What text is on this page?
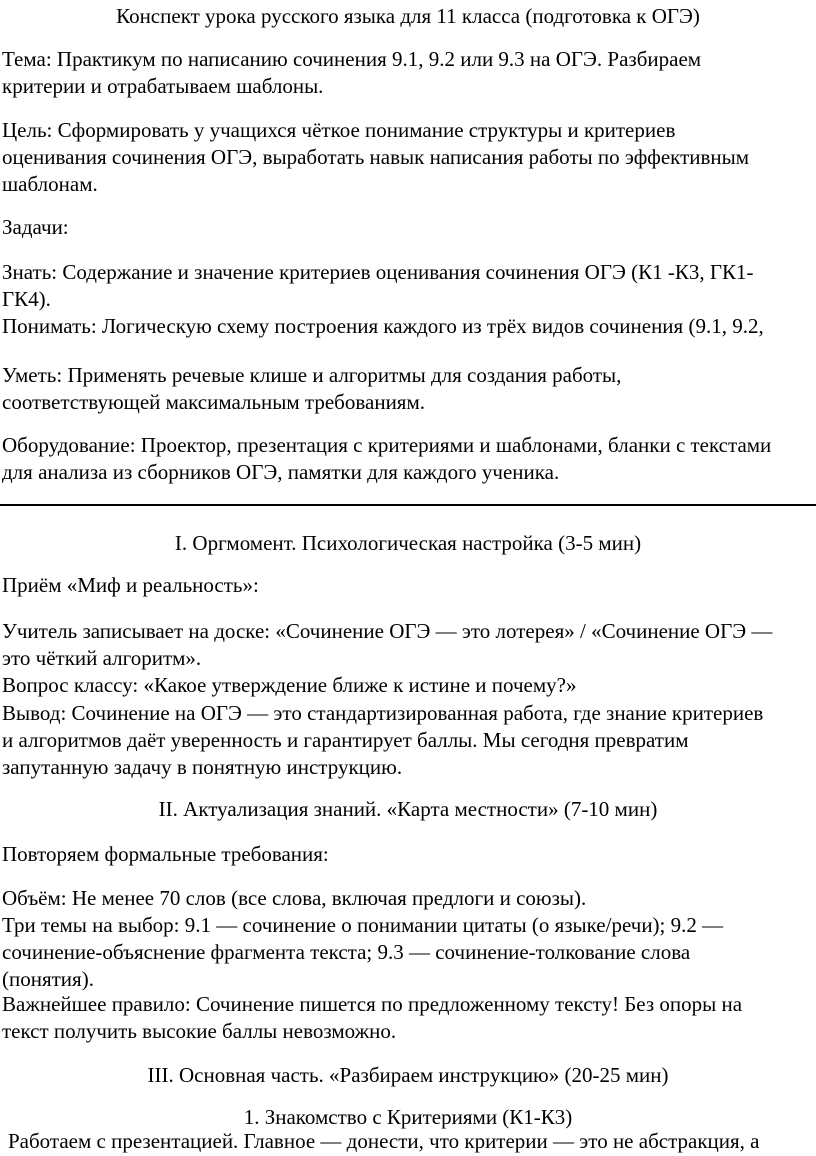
Конспект урока русского языка для 11 класса (подготовка к ОГЭ)

Тема: Практикум по написанию сочинения 9.1, 9.2 или 9.3 на ОГЭ. Разбираем

критерии и отрабатываем шаблоны.

Цель: Сформировать у учащихся чёткое понимание структуры и критериев

оценивания сочинения ОГЭ, выработать навык написания работы по эффективным

шаблонам.

Задачи:

Знать: Содержание и значение критериев оценивания сочинения ОГЭ (К1 -К3, ГК1-

ГК4).

Понимать: Логическую схему построения каждого из трёх видов сочинения (9.1, 9.2,

Уметь: Применять речевые клише и алгоритмы для создания работы,

соответствующей максимальным требованиям.

Оборудование: Проектор, презентация с критериями и шаблонами, бланки с текстами

для анализа из сборников ОГЭ, памятки для каждого ученика.

I. Оргмомент. Психологическая настройка (3-5 мин)

Приём «Миф и реальность»:

Учитель записывает на доске: «Сочинение ОГЭ — это лотерея» / «Сочинение ОГЭ —

это чёткий алгоритм».

Вопрос классу: «Какое утверждение ближе к истине и почему?»

Вывод: Сочинение на ОГЭ — это стандартизированная работа, где знание критериев

и алгоритмов даёт уверенность и гарантирует баллы. Мы сегодня превратим

запутанную задачу в понятную инструкцию.

II. Актуализация знаний. «Карта местности» (7-10 мин)

Повторяем формальные требования:

Объём: Не менее 70 слов (все слова, включая предлоги и союзы).

Три темы на выбор: 9.1 — сочинение о понимании цитаты (о языке/речи); 9.2 —

сочинение-объяснение фрагмента текста; 9.3 — сочинение-толкование слова

(понятия).

Важнейшее правило: Сочинение пишется по предложенному тексту! Без опоры на

текст получить высокие баллы невозможно.

III. Основная часть. «Разбираем инструкцию» (20-25 мин)

1. Знакомство с Критериями (К1-К3)

Работаем с презентацией. Главное — донести, что критерии — это не абстракция, а
